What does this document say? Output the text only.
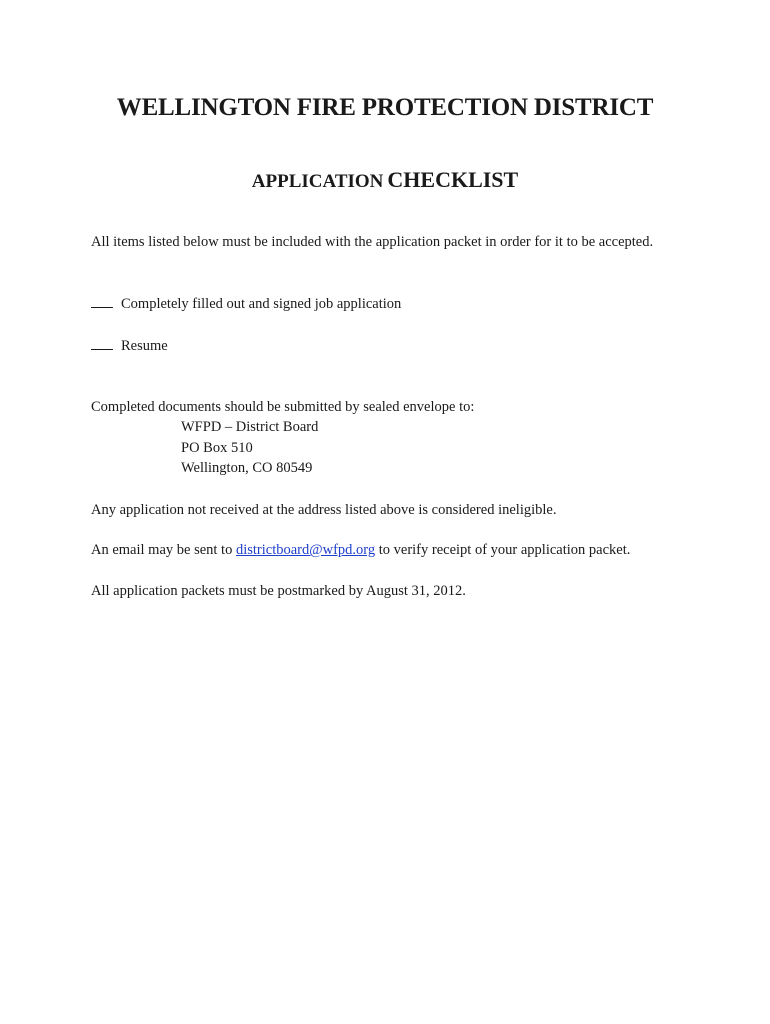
WELLINGTON FIRE PROTECTION DISTRICT
APPLICATION CHECKLIST
All items listed below must be included with the application packet in order for it to be accepted.
Completely filled out and signed job application
Resume
Completed documents should be submitted by sealed envelope to:
WFPD – District Board
PO Box 510
Wellington, CO 80549
Any application not received at the address listed above is considered ineligible.
An email may be sent to districtboard@wfpd.org to verify receipt of your application packet.
All application packets must be postmarked by August 31, 2012.
